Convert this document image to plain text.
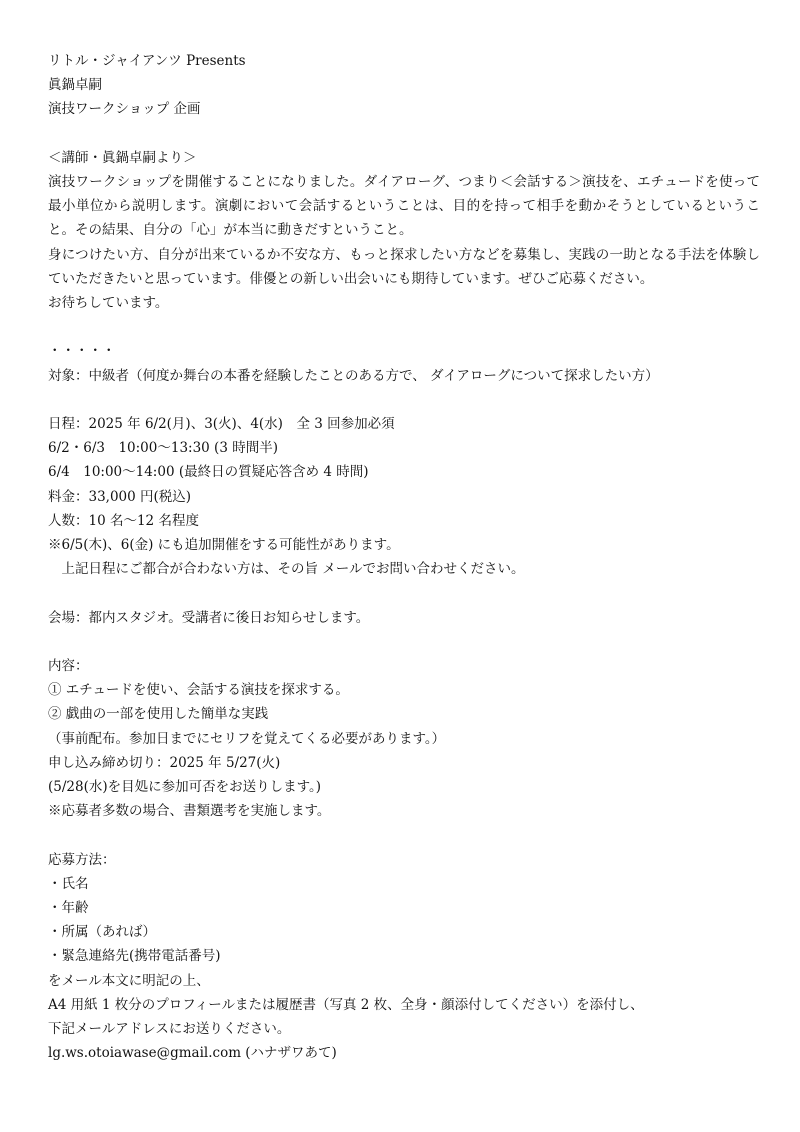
リトル・ジャイアンツ Presents
眞鍋卓嗣
演技ワークショップ 企画
＜講師・眞鍋卓嗣より＞
演技ワークショップを開催することになりました。ダイアローグ、つまり＜会話する＞演技を、エチュードを使って最小単位から説明します。演劇において会話するということは、目的を持って相手を動かそうとしているということ。その結果、自分の「心」が本当に動きだすということ。
身につけたい方、自分が出来ているか不安な方、もっと探求したい方などを募集し、実践の一助となる手法を体験していただきたいと思っています。俳優との新しい出会いにも期待しています。ぜひご応募ください。
お待ちしています。
・・・・・
対象：中級者（何度か舞台の本番を経験したことのある方で、 ダイアローグについて探求したい方）
日程：2025 年 6/2(月)、3(火)、4(水)　全 3 回参加必須
6/2・6/3　10:00〜13:30 (3 時間半)
6/4　10:00〜14:00 (最終日の質疑応答含め 4 時間)
料金：33,000 円(税込)
人数：10 名〜12 名程度
※6/5(木)、6(金) にも追加開催をする可能性があります。
上記日程にご都合が合わない方は、その旨 メールでお問い合わせください。
会場：都内スタジオ。受講者に後日お知らせします。
内容：
① エチュードを使い、会話する演技を探求する。
② 戯曲の一部を使用した簡単な実践
（事前配布。参加日までにセリフを覚えてくる必要があります。）
申し込み締め切り：2025 年 5/27(火)
(5/28(水)を目処に参加可否をお送りします。)
※応募者多数の場合、書類選考を実施します。
応募方法：
・氏名
・年齢
・所属（あれば）
・緊急連絡先(携帯電話番号)
をメール本文に明記の上、
A4 用紙 1 枚分のプロフィールまたは履歴書（写真 2 枚、全身・顔添付してください）を添付し、
下記メールアドレスにお送りください。
lg.ws.otoiawase@gmail.com (ハナザワあて)
